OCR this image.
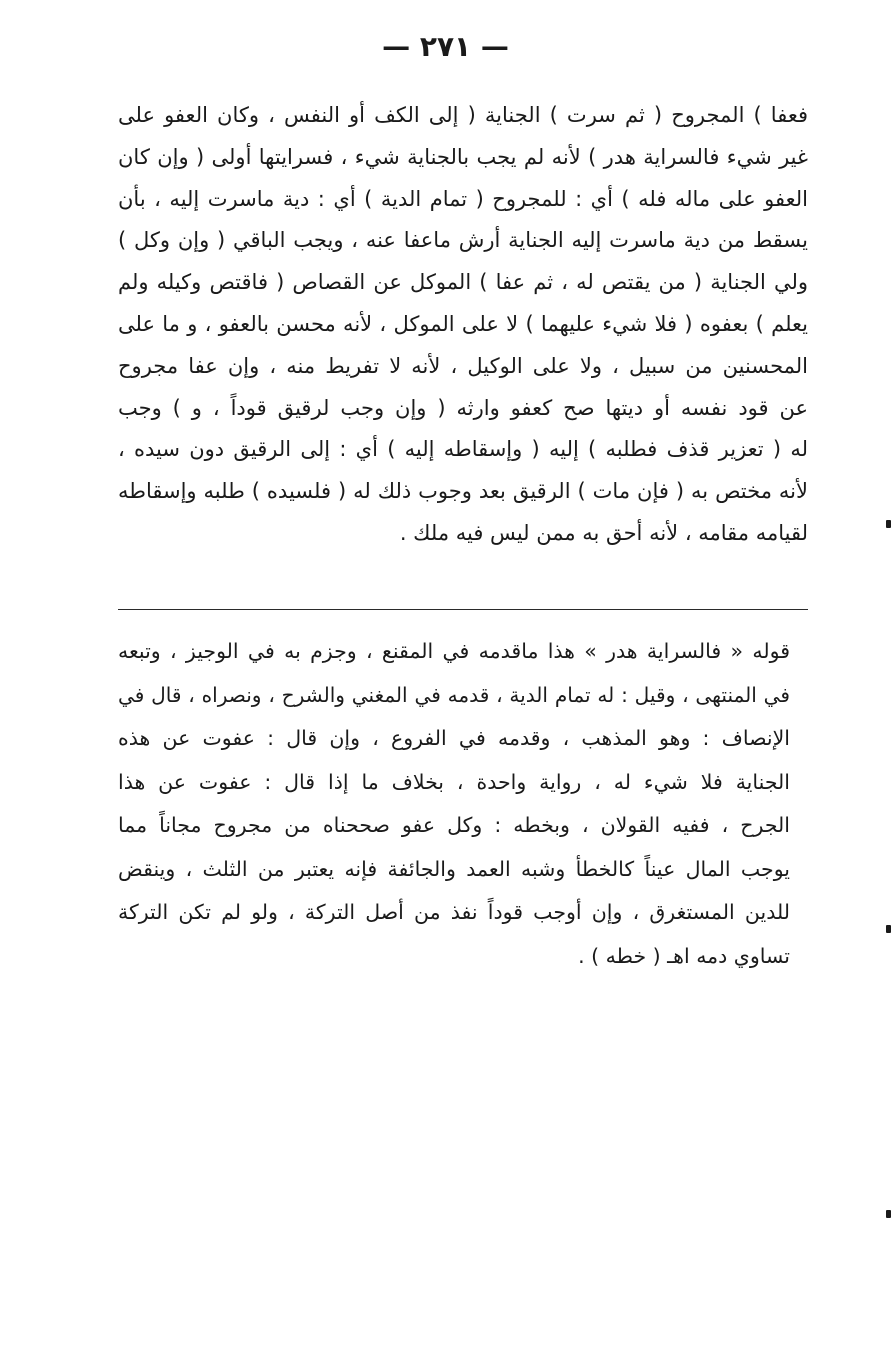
— ٢٧١ —
فعفا ) المجروح ( ثم سرت ) الجناية ( إلى الكف أو النفس ، وكان العفو على
غير شيء فالسراية هدر ) لأنه لم يجب بالجناية شيء ، فسرايتها أولى ( وإن كان
العفو على ماله فله ) أي : للمجروح ( تمام الدية ) أي : دية ماسرت إليه ، بأن
يسقط من دية ماسرت إليه الجناية أرش ماعفا عنه ، ويجب الباقي ( وإن وكل )
ولي الجناية ( من يقتص له ، ثم عفا ) الموكل عن القصاص ( فاقتص وكيله ولم
يعلم ) بعفوه ( فلا شيء عليهما ) لا على الموكل ، لأنه محسن بالعفو ، و ما على
المحسنين من سبيل ، ولا على الوكيل ، لأنه لا تفريط منه ، وإن عفا مجروح
عن قود نفسه أو ديتها صح كعفو وارثه ( وإن وجب لرقيق قوداً ، و ) وجب
له ( تعزير قذف فطلبه ) إليه ( وإسقاطه إليه ) أي : إلى الرقيق دون سيده ،
لأنه مختص به ( فإن مات ) الرقيق بعد وجوب ذلك له ( فلسيده ) طلبه وإسقاطه
لقيامه مقامه ، لأنه أحق به ممن ليس فيه ملك .
قوله « فالسراية هدر » هذا ماقدمه في المقنع ، وجزم به في الوجيز ، وتبعه
في المنتهى ، وقيل : له تمام الدية ، قدمه في المغني والشرح ، ونصراه ، قال في
الإنصاف : وهو المذهب ، وقدمه في الفروع ، وإن قال : عفوت عن هذه
الجناية فلا شيء له ، رواية واحدة ، بخلاف ما إذا قال : عفوت عن هذا
الجرح ، ففيه القولان ، وبخطه : وكل عفو صححناه من مجروح مجاناً مما
يوجب المال عيناً كالخطأ وشبه العمد والجائفة فإنه يعتبر من الثلث ، وينقض
للدين المستغرق ، وإن أوجب قوداً نفذ من أصل التركة ، ولو لم تكن التركة
تساوي دمه اهـ ( خطه ) .
